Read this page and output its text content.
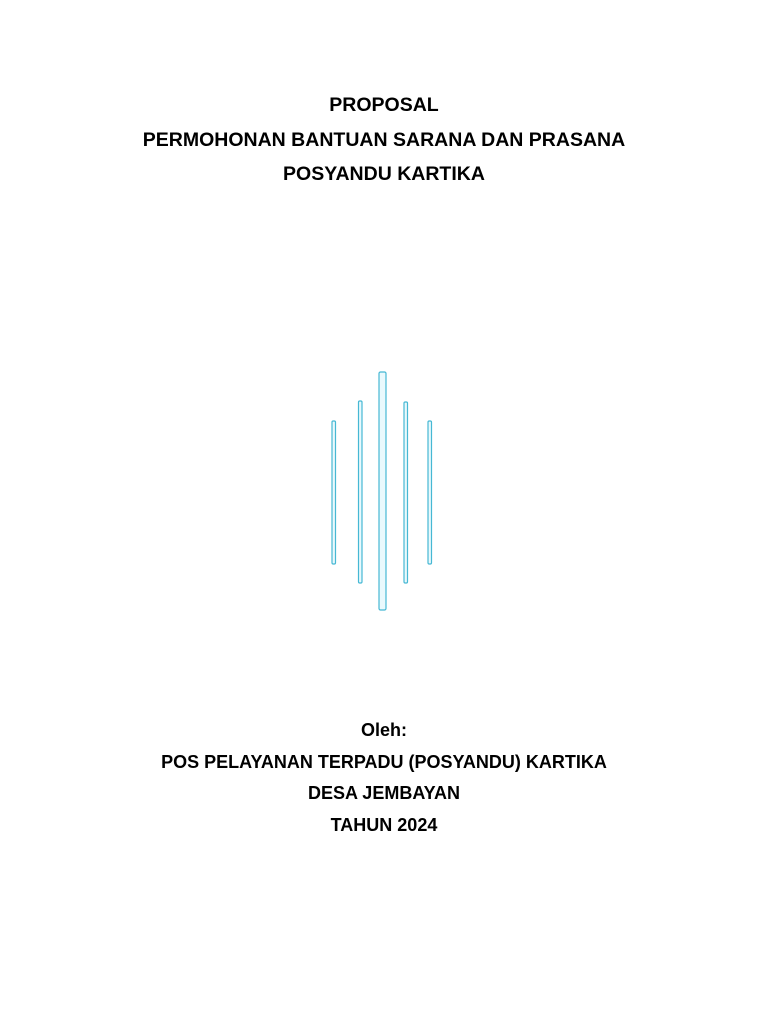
PROPOSAL
PERMOHONAN BANTUAN SARANA DAN PRASANA
POSYANDU KARTIKA
Oleh:
POS PELAYANAN TERPADU (POSYANDU) KARTIKA
DESA JEMBAYAN
TAHUN 2024
